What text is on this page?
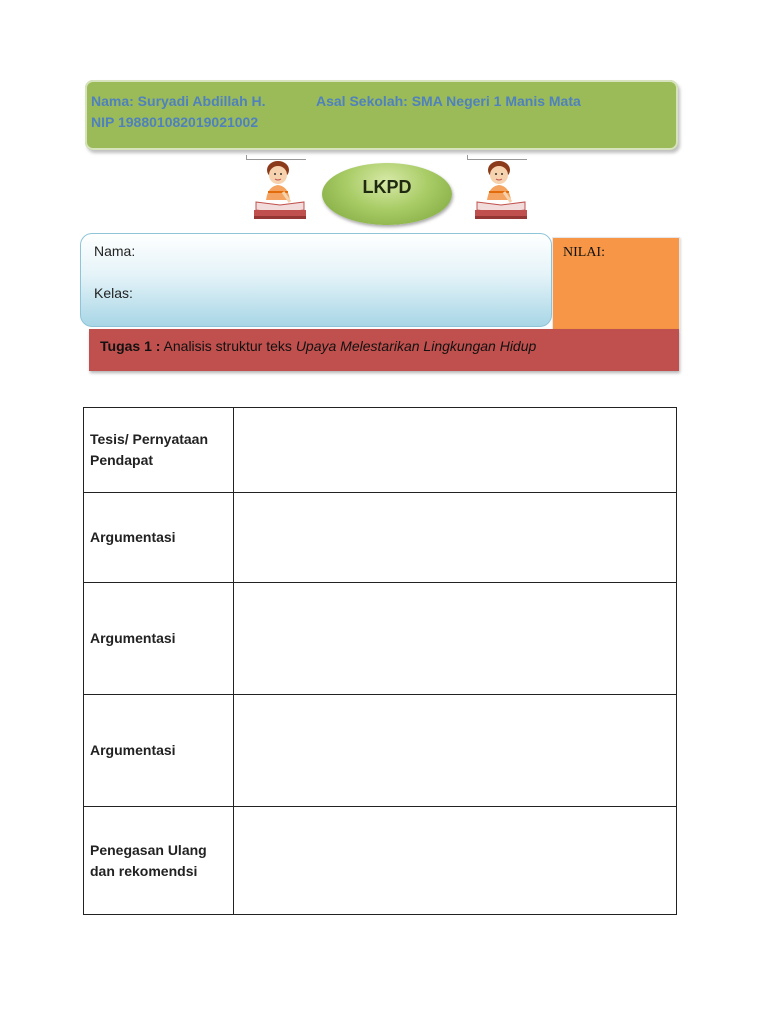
Nama: Suryadi Abdillah H.	Asal Sekolah: SMA Negeri 1 Manis Mata
NIP 198801082019021002
LKPD
Nama:
Kelas:
NILAI:
Tugas 1 : Analisis struktur teks Upaya Melestarikan Lingkungan Hidup
Tesis/ Pernyataan
Pendapat	

Argumentasi	

Argumentasi	

Argumentasi	

Penegasan Ulang
dan rekomendsi	
